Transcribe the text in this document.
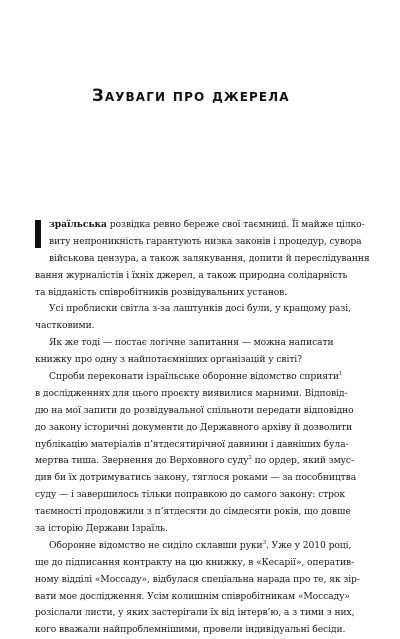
Зауваги про джерела
зраїльська розвідка ревно береже свої таємниці. Її майже цілко-
виту непроникність гарантують низка законів і процедур, сувора
військова цензура, а також залякування, допити й переслідування
вання журналістів і їхніх джерел, а також природна солідарність
та відданість співробітників розвідувальних установ.
Усі проблиски світла з-за лаштунків досі були, у кращому разі,
частковими.
Як же тоді — постає логічне запитання — можна написати
книжку про одну з найпотаємніших організацій у світі?
Спроби переконати ізраїльське оборонне відомство сприяти$^1$
в дослідженнях для цього проєкту виявилися марними. Відповід-
дю на мої запити до розвідувальної спільноти передати відповідно
до закону історичні документи до Державного архіву й дозволити
публікацію матеріалів п’ятдесятирічної давнини і давніших була-
мертва тиша. Звернення до Верховного суду$^2$ по ордер, який змус-
див би їх дотримуватись закону, тяглося роками — за пособництва
суду — і завершилось тільки поправкою до самого закону: строк
таємності продовжили з п’ятдесяти до сімдесяти років, що довше
за історію Держави Ізраїль.
Оборонне відомство не сиділо склавши руки$^3$. Уже у 2010 році,
ще до підписання контракту на цю книжку, в «Кесарії», оператив-
ному відділі «Моссаду», відбулася спеціальна нарада про те, як зір-
вати мое дослідження. Усім колишнім співробітникам «Моссаду»
розіслали листи, у яких застерігали їх від інтерв’ю, а з тими з них,
кого вважали найпроблемнішими, провели індивідуальні бесіди.
